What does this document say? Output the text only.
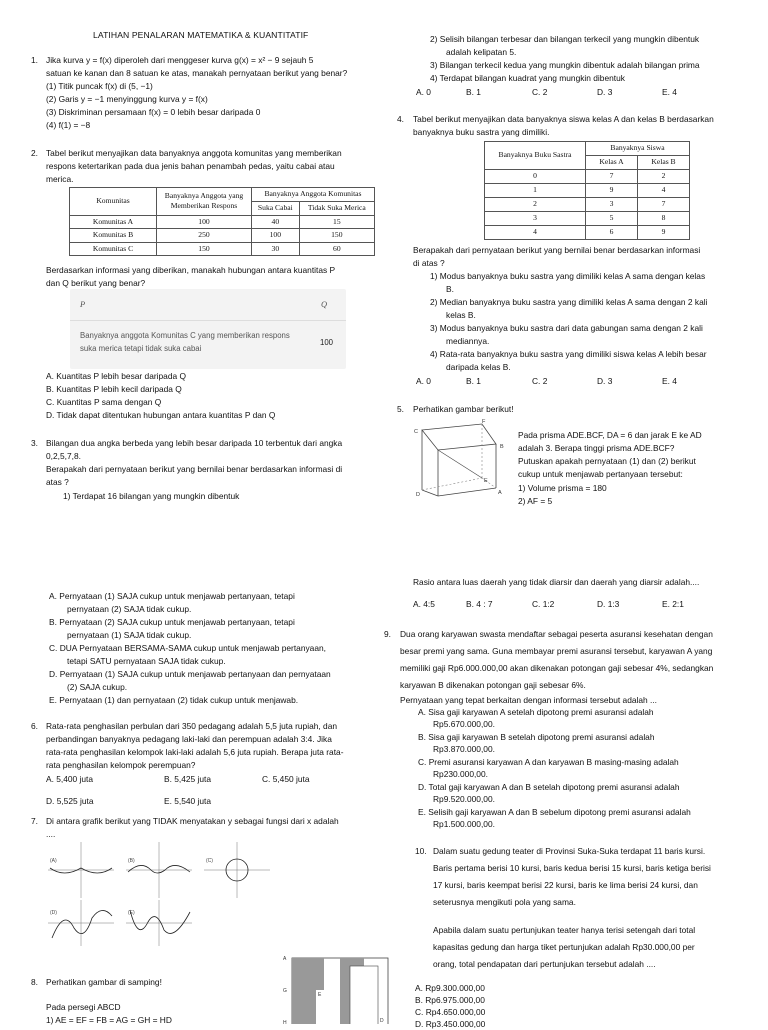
LATIHAN PENALARAN MATEMATIKA & KUANTITATIF
1. Jika kurva y = f(x) diperoleh dari menggeser kurva g(x) = x² − 9 sejauh 5
satuan ke kanan dan 8 satuan ke atas, manakah pernyataan berikut yang benar?
(1) Titik puncak f(x) di (5, −1)
(2) Garis y = −1 menyinggung kurva y = f(x)
(3) Diskriminan persamaan f(x) = 0 lebih besar daripada 0
(4) f(1) = −8
2. Tabel berikut menyajikan data banyaknya anggota komunitas yang memberikan
respons ketertarikan pada dua jenis bahan penambah pedas, yaitu cabai atau
merica.
Komunitas	Banyaknya Anggota yang Memberikan Respons	Banyaknya Anggota Komunitas	
		Suka Cabai	Tidak Suka Merica
Komunitas A	100	40	15
Komunitas B	250	100	150
Komunitas C	150	30	60
Berdasarkan informasi yang diberikan, manakah hubungan antara kuantitas P
dan Q berikut yang benar?
P	Q
Banyaknya anggota Komunitas C yang memberikan respons
suka merica tetapi tidak suka cabai
100
A. Kuantitas P lebih besar daripada Q
B. Kuantitas P lebih kecil daripada Q
C. Kuantitas P sama dengan Q
D. Tidak dapat ditentukan hubungan antara kuantitas P dan Q
3. Bilangan dua angka berbeda yang lebih besar daripada 10 terbentuk dari angka
0,2,5,7,8.
Berapakah dari pernyataan berikut yang bernilai benar berdasarkan informasi di
atas ?
1) Terdapat 16 bilangan yang mungkin dibentuk
2) Selisih bilangan terbesar dan bilangan terkecil yang mungkin dibentuk
adalah kelipatan 5.
3) Bilangan terkecil kedua yang mungkin dibentuk adalah bilangan prima
4) Terdapat bilangan kuadrat yang mungkin dibentuk
A. 0	B. 1	C. 2	D. 3	E. 4
4. Tabel berikut menyajikan data banyaknya siswa kelas A dan kelas B berdasarkan
banyaknya buku sastra yang dimiliki.
Banyaknya Buku Sastra	Banyaknya Siswa	
	Kelas A	Kelas B
0	7	2
1	9	4
2	3	7
3	5	8
4	6	9
Berapakah dari pernyataan berikut yang bernilai benar berdasarkan informasi
di atas ?
1) Modus banyaknya buku sastra yang dimiliki kelas A sama dengan kelas
B.
2) Median banyaknya buku sastra yang dimiliki kelas A sama dengan 2 kali
kelas B.
3) Modus banyaknya buku sastra dari data gabungan sama dengan 2 kali
mediannya.
4) Rata-rata banyaknya buku sastra yang dimiliki siswa kelas A lebih besar
daripada kelas B.
A. 0	B. 1	C. 2	D. 3	E. 4
5. Perhatikan gambar berikut!
C
F
B
E
D	A
Pada prisma ADE.BCF, DA = 6 dan jarak E ke AD
adalah 3. Berapa tinggi prisma ADE.BCF?
Putuskan apakah pernyataan (1) dan (2) berikut
cukup untuk menjawab pertanyaan tersebut:
1) Volume prisma = 180
2) AF = 5
A. Pernyataan (1) SAJA cukup untuk menjawab pertanyaan, tetapi
pernyataan (2) SAJA tidak cukup.
B. Pernyataan (2) SAJA cukup untuk menjawab pertanyaan, tetapi
pernyataan (1) SAJA tidak cukup.
C. DUA Pernyataan BERSAMA-SAMA cukup untuk menjawab pertanyaan,
tetapi SATU pernyataan SAJA tidak cukup.
D. Pernyataan (1) SAJA cukup untuk menjawab pertanyaan dan pernyataan
(2) SAJA cukup.
E. Pernyataan (1) dan pernyataan (2) tidak cukup untuk menjawab.
6. Rata-rata penghasilan perbulan dari 350 pedagang adalah 5,5 juta rupiah, dan
perbandingan banyaknya pedagang laki-laki dan perempuan adalah 3:4. Jika
rata-rata penghasilan kelompok laki-laki adalah 5,6 juta rupiah. Berapa juta rata-
rata penghasilan kelompok perempuan?
A. 5,400 juta	B. 5,425 juta	C. 5,450 juta
D. 5,525 juta	E. 5,540 juta
7. Di antara grafik berikut yang TIDAK menyatakan y sebagai fungsi dari x adalah
....
(A)	(B)	(C)
(D)	(E)
8. Perhatikan gambar di samping!
Pada persegi ABCD
1) AE = EF = FB = AG = GH = HD
A
G
E
H	D
Rasio antara luas daerah yang tidak diarsir dan daerah yang diarsir adalah....
A. 4:5	B. 4 : 7	C. 1:2	D. 1:3	E. 2:1
9. Dua orang karyawan swasta mendaftar sebagai peserta asuransi kesehatan dengan
besar premi yang sama. Guna membayar premi asuransi tersebut, karyawan A yang
memiliki gaji Rp6.000.000,00 akan dikenakan potongan gaji sebesar 4%, sedangkan
karyawan B dikenakan potongan gaji sebesar 6%.
Pernyataan yang tepat berkaitan dengan informasi tersebut adalah ...
A. Sisa gaji karyawan A setelah dipotong premi asuransi adalah
Rp5.670.000,00.
B. Sisa gaji karyawan B setelah dipotong premi asuransi adalah
Rp3.870.000,00.
C. Premi asuransi karyawan A dan karyawan B masing-masing adalah
Rp230.000,00.
D. Total gaji karyawan A dan B setelah dipotong premi asuransi adalah
Rp9.520.000,00.
E. Selisih gaji karyawan A dan B sebelum dipotong premi asuransi adalah
Rp1.500.000,00.
10. Dalam suatu gedung teater di Provinsi Suka-Suka terdapat 11 baris kursi.
Baris pertama berisi 10 kursi, baris kedua berisi 15 kursi, baris ketiga berisi
17 kursi, baris keempat berisi 22 kursi, baris ke lima berisi 24 kursi, dan
seterusnya mengikuti pola yang sama.
Apabila dalam suatu pertunjukan teater hanya terisi setengah dari total
kapasitas gedung dan harga tiket pertunjukan adalah Rp30.000,00 per
orang, total pendapatan dari pertunjukan tersebut adalah ....
A. Rp9.300.000,00
B. Rp6.975.000,00
C. Rp4.650.000,00
D. Rp3.450.000,00
